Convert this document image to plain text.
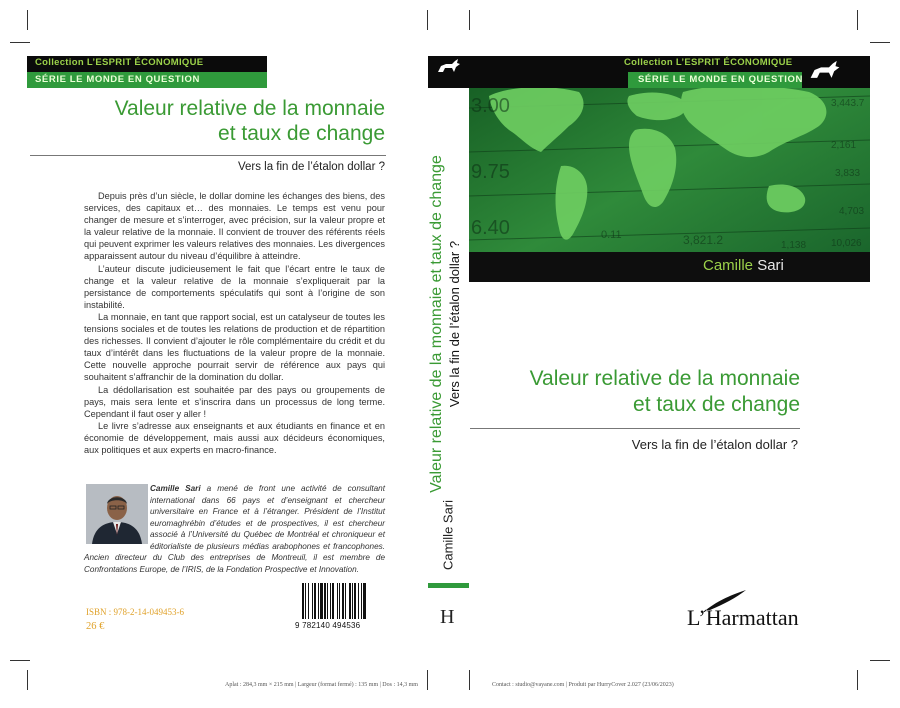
Collection L’ESPRIT ÉCONOMIQUE
SÉRIE LE MONDE EN QUESTION
Valeur relative de la monnaie
et taux de change
Vers la fin de l’étalon dollar ?

Depuis près d’un siècle, le dollar domine les échanges des biens, des services, des capitaux et… des monnaies. Le temps est venu pour changer de mesure et s’interroger, avec précision, sur la valeur propre et la valeur relative de la monnaie. Il convient de trouver des référents réels qui peuvent exprimer les valeurs relatives des monnaies. Les divergences apparaissent autour du niveau d’équilibre à atteindre.

L’auteur discute judicieusement le fait que l’écart entre le taux de change et la valeur relative de la monnaie s’expliquerait par la persistance de comportements spéculatifs qui sont à l’origine de son instabilité.

La monnaie, en tant que rapport social, est un catalyseur de toutes les tensions sociales et de toutes les relations de production et de répartition des richesses. Il convient d’ajouter le rôle complémentaire du crédit et du taux d’intérêt dans les fluctuations de la valeur propre de la monnaie. Cette nouvelle approche pourrait servir de référence aux pays qui souhaitent s’affranchir de la domination du dollar.

La dédollarisation est souhaitée par des pays ou groupements de pays, mais sera lente et s’inscrira dans un processus de long terme. Cependant il faut oser y aller !

Le livre s’adresse aux enseignants et aux étudiants en finance et en économie de développement, mais aussi aux décideurs économiques, aux politiques et aux experts en macro-finance.

Camille Sari a mené de front une activité de consultant international dans 66 pays et d’enseignant et chercheur universitaire en France et à l’étranger. Président de l’Institut euromaghrébin d’études et de prospectives, il est chercheur associé à l’Université du Québec de Montréal et chroniqueur et éditorialiste de plusieurs médias arabophones et francophones. Ancien directeur du Club des entreprises de Montreuil, il est membre de Confrontations Europe, de l’IRIS, de la Fondation Prospective et Innovation.
ISBN : 978-2-14-049453-6
26 €	9 782140 494536
Valeur relative de la monnaie et taux de change Vers la fin de l’étalon dollar ?
Camille Sari
H
3.00
9.75
6.40	0.11	3,821.2	1,138
3,443.7
2,161
3,833
4,703
10,026
Collection L’ESPRIT ÉCONOMIQUE
SÉRIE LE MONDE EN QUESTION
Camille Sari
Valeur relative de la monnaie
et taux de change
Vers la fin de l’étalon dollar ?
L’Harmattan
Aplat : 284,3 mm × 215 mm | Largeur (format fermé) : 135 mm | Dos : 14,3 mm	Contact : studio@vayane.com | Produit par HurryCover 2.027 (23/06/2023)
